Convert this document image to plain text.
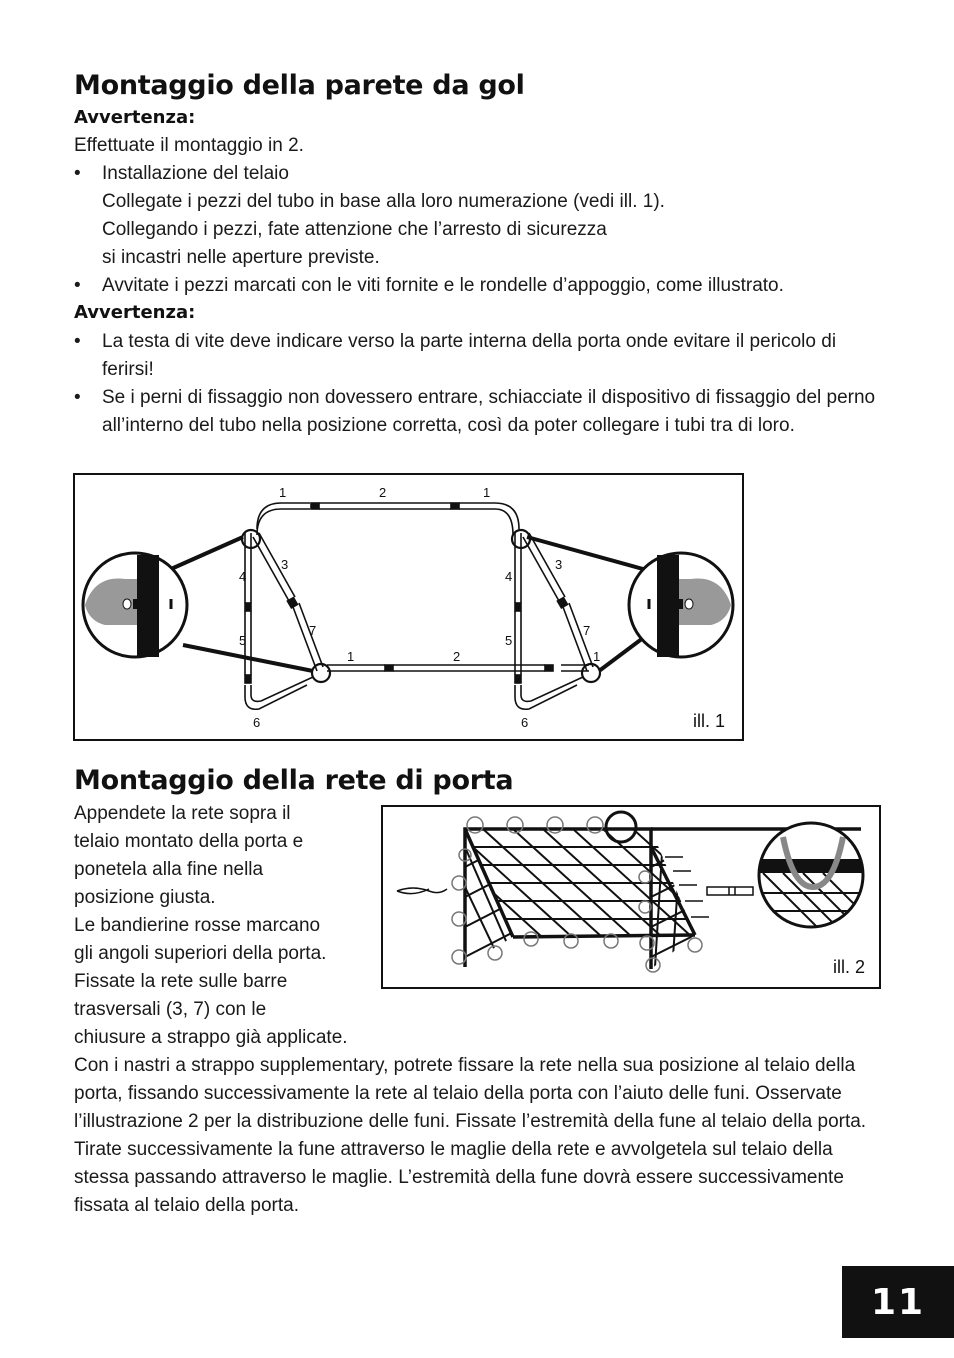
Montaggio della parete da gol
Avvertenza:
Effettuate il montaggio in 2.
• Installazione del telaio
Collegate i pezzi del tubo in base alla loro numerazione (vedi ill. 1).
Collegando i pezzi, fate attenzione che l’arresto di sicurezza
si incastri nelle aperture previste.
• Avvitate i pezzi marcati con le viti fornite e le rondelle d’appoggio, come illustrato.
Avvertenza:
• La testa di vite deve indicare verso la parte interna della porta onde evitare il pericolo di ferirsi!
• Se i perni di fissaggio non dovessero entrare, schiacciate il dispositivo di fissaggio del perno all’interno del tubo nella posizione corretta, così da poter collegare i tubi tra di loro.
1	2	1
4
3
5
7
6
1	2
4
3
5
7
6
1
ill. 1
Montaggio della rete di porta
Appendete la rete sopra il
telaio montato della porta e
ponetela alla fine nella
posizione giusta.
Le bandierine rosse marcano
gli angoli superiori della porta.
Fissate la rete sulle barre
trasversali (3, 7) con le
chiusure a strappo già applicate.
ill. 2
Con i nastri a strappo supplementary, potrete fissare la rete nella sua posizione al telaio della porta, fissando successivamente la rete al telaio della porta con l’aiuto delle funi. Osservate l’illustrazione 2 per la distribuzione delle funi. Fissate l’estremità della fune al telaio della porta. Tirate successivamente la fune attraverso le maglie della rete e avvolgetela sul telaio della stessa passando attraverso le maglie. L’estremità della fune dovrà essere successivamente fissata al telaio della porta.
11
